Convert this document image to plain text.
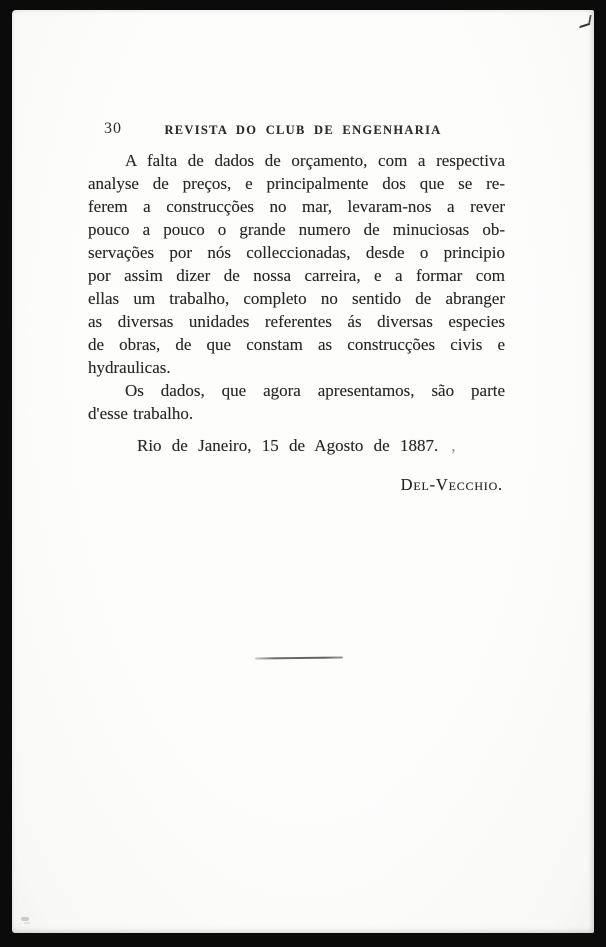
30	REVISTA DO CLUB DE ENGENHARIA
A falta de dados de orçamento, com a respectiva
analyse de preços, e principalmente dos que se re-
ferem a construcções no mar, levaram-nos a rever
pouco a pouco o grande numero de minuciosas ob-
servações por nós colleccionadas, desde o principio
por assim dizer de nossa carreira, e a formar com
ellas um trabalho, completo no sentido de abranger
as diversas unidades referentes ás diversas especies
de obras, de que constam as construcções civis e
hydraulicas.
Os dados, que agora apresentamos, são parte
d'esse trabalho.
Rio de Janeiro, 15 de Agosto de 1887. ,
Del-Vecchio.
